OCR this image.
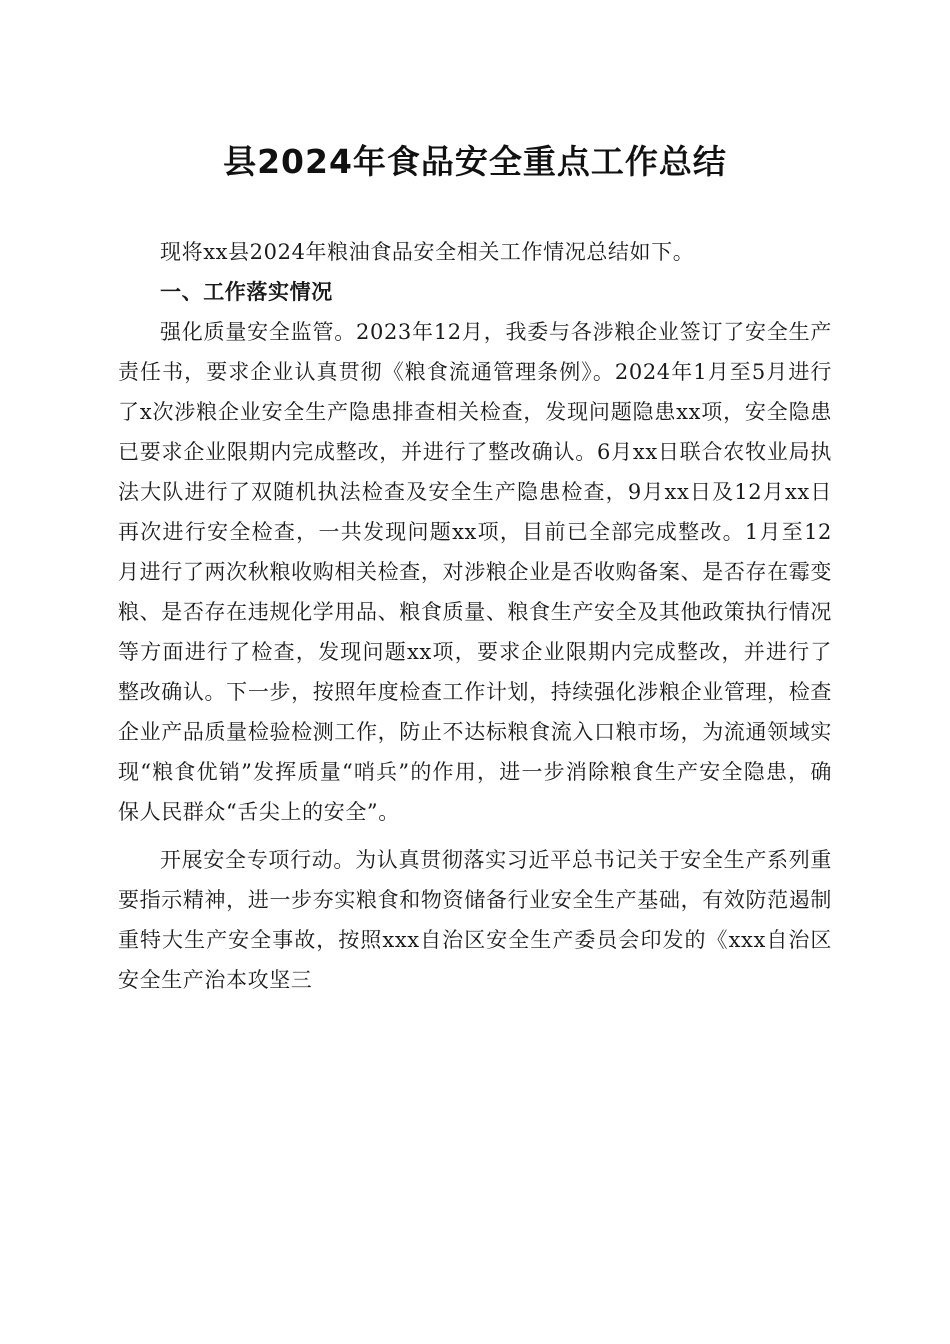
县2024年食品安全重点工作总结

现将xx县2024年粮油食品安全相关工作情况总结如下。

一、工作落实情况

强化质量安全监管。2023年12月，我委与各涉粮企业签订了安全生产责任书，要求企业认真贯彻《粮食流通管理条例》。2024年1月至5月进行了x次涉粮企业安全生产隐患排查相关检查，发现问题隐患xx项，安全隐患已要求企业限期内完成整改，并进行了整改确认。6月xx日联合农牧业局执法大队进行了双随机执法检查及安全生产隐患检查，9月xx日及12月xx日再次进行安全检查，一共发现问题xx项，目前已全部完成整改。1月至12月进行了两次秋粮收购相关检查，对涉粮企业是否收购备案、是否存在霉变粮、是否存在违规化学用品、粮食质量、粮食生产安全及其他政策执行情况等方面进行了检查，发现问题xx项，要求企业限期内完成整改，并进行了整改确认。下一步，按照年度检查工作计划，持续强化涉粮企业管理，检查企业产品质量检验检测工作，防止不达标粮食流入口粮市场，为流通领域实现“粮食优销”发挥质量“哨兵”的作用，进一步消除粮食生产安全隐患，确保人民群众“舌尖上的安全”。

开展安全专项行动。为认真贯彻落实习近平总书记关于安全生产系列重要指示精神，进一步夯实粮食和物资储备行业安全生产基础，有效防范遏制重特大生产安全事故，按照xxx自治区安全生产委员会印发的《xxx自治区安全生产治本攻坚三
